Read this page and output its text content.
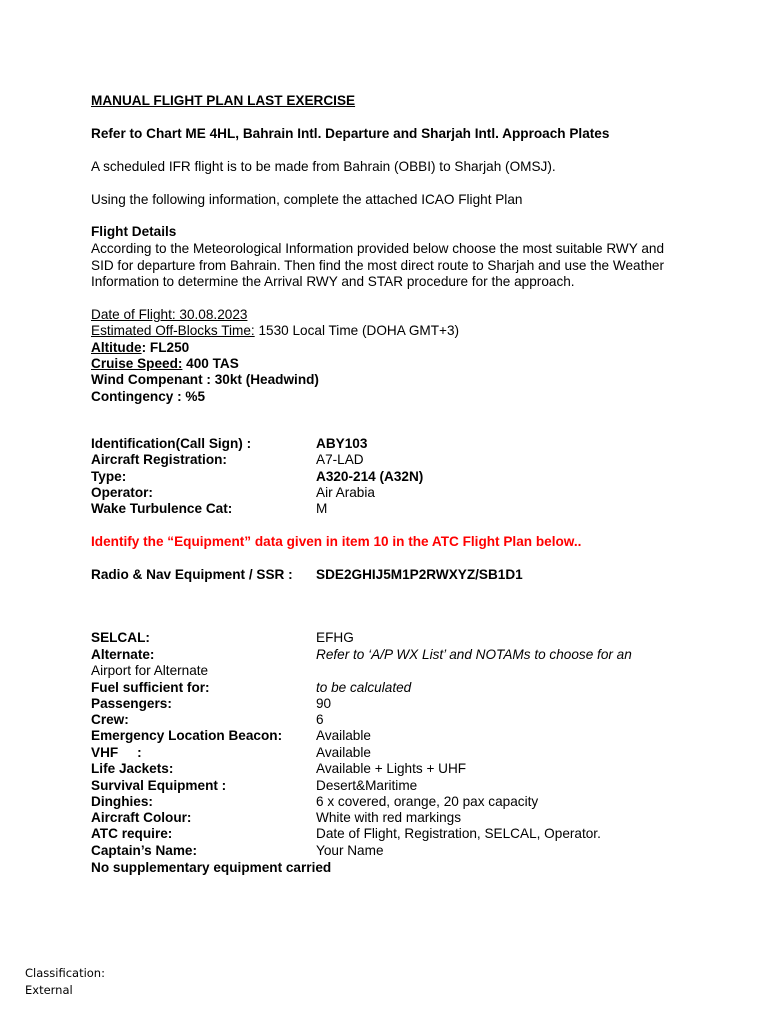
MANUAL FLIGHT PLAN LAST EXERCISE
Refer to Chart ME 4HL, Bahrain Intl. Departure and Sharjah Intl. Approach Plates
A scheduled IFR flight is to be made from Bahrain (OBBI) to Sharjah (OMSJ).
Using the following information, complete the attached ICAO Flight Plan
Flight Details
According to the Meteorological Information provided below choose the most suitable RWY and
SID for departure from Bahrain. Then find the most direct route to Sharjah and use the Weather
Information to determine the Arrival RWY and STAR procedure for the approach.
Date of Flight: 30.08.2023
Estimated Off-Blocks Time: 1530 Local Time (DOHA GMT+3)
Altitude: FL250
Cruise Speed: 400 TAS
Wind Compenant : 30kt (Headwind)
Contingency : %5
Identification(Call Sign) :	ABY103
Aircraft Registration:	A7-LAD
Type:	A320-214 (A32N)
Operator:	Air Arabia
Wake Turbulence Cat:	M
Identify the “Equipment” data given in item 10 in the ATC Flight Plan below..
Radio & Nav Equipment / SSR : SDE2GHIJ5M1P2RWXYZ/SB1D1
SELCAL:	EFHG
Alternate:	Refer to ‘A/P WX List’ and NOTAMs to choose for an
Airport for Alternate
Fuel sufficient for:	to be calculated
Passengers:	90
Crew:	6
Emergency Location Beacon: Available
VHF     :	Available
Life Jackets:	Available + Lights + UHF
Survival Equipment :	Desert&Maritime
Dinghies:	6 x covered, orange, 20 pax capacity
Aircraft Colour:	White with red markings
ATC require:	Date of Flight, Registration, SELCAL, Operator.
Captain’s Name:	Your Name
No supplementary equipment carried
Classification:
External
